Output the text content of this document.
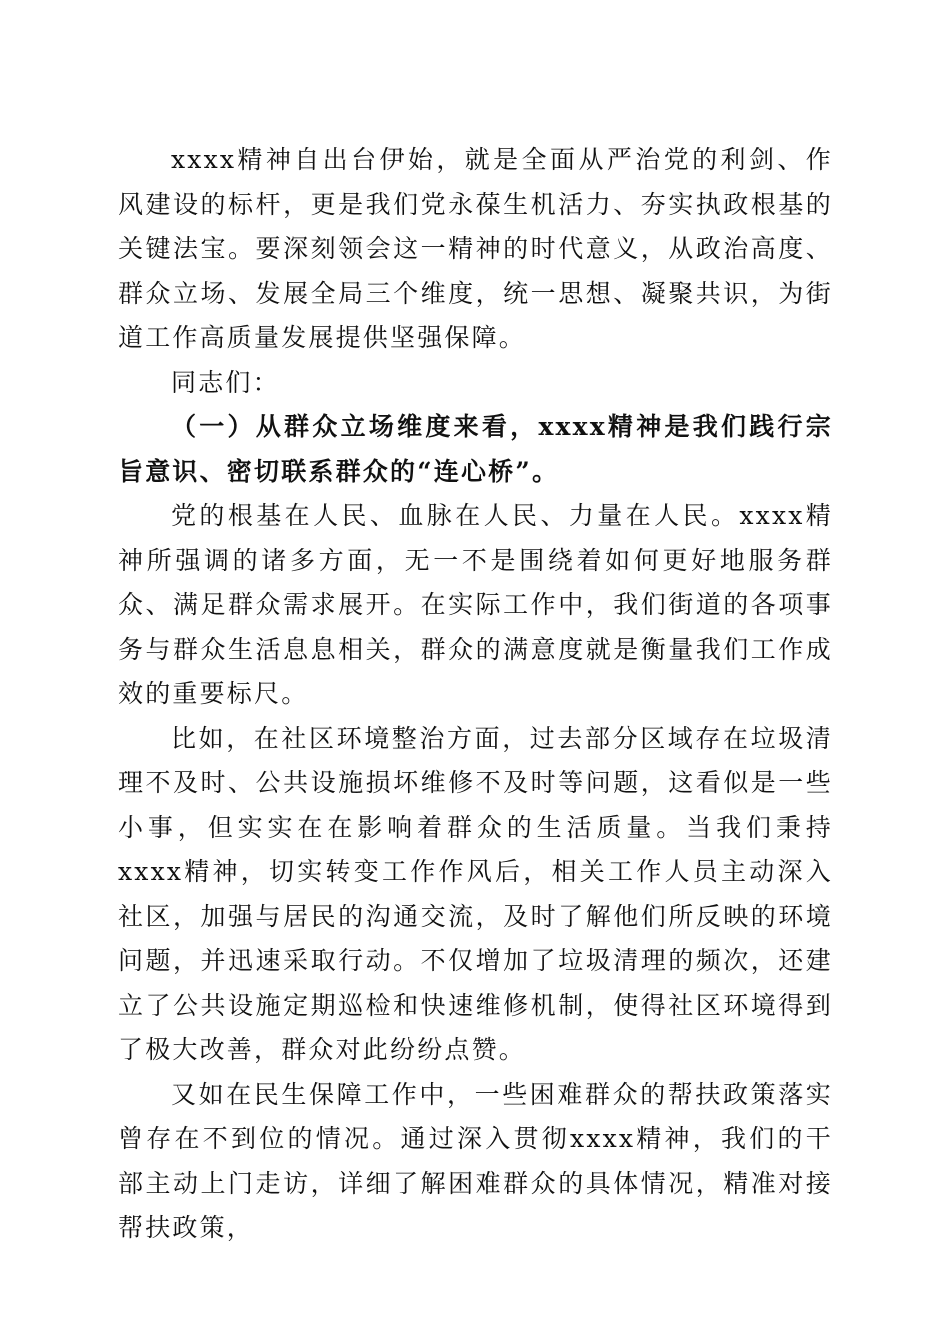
xxxx精神自出台伊始，就是全面从严治党的利剑、作风建设的标杆，更是我们党永葆生机活力、夯实执政根基的关键法宝。要深刻领会这一精神的时代意义，从政治高度、群众立场、发展全局三个维度，统一思想、凝聚共识，为街道工作高质量发展提供坚强保障。

同志们：

（一）从群众立场维度来看，xxxx精神是我们践行宗旨意识、密切联系群众的“连心桥”。

党的根基在人民、血脉在人民、力量在人民。xxxx精神所强调的诸多方面，无一不是围绕着如何更好地服务群众、满足群众需求展开。在实际工作中，我们街道的各项事务与群众生活息息相关，群众的满意度就是衡量我们工作成效的重要标尺。

比如，在社区环境整治方面，过去部分区域存在垃圾清理不及时、公共设施损坏维修不及时等问题，这看似是一些小事，但实实在在影响着群众的生活质量。当我们秉持xxxx精神，切实转变工作作风后，相关工作人员主动深入社区，加强与居民的沟通交流，及时了解他们所反映的环境问题，并迅速采取行动。不仅增加了垃圾清理的频次，还建立了公共设施定期巡检和快速维修机制，使得社区环境得到了极大改善，群众对此纷纷点赞。

又如在民生保障工作中，一些困难群众的帮扶政策落实曾存在不到位的情况。通过深入贯彻xxxx精神，我们的干部主动上门走访，详细了解困难群众的具体情况，精准对接帮扶政策，
